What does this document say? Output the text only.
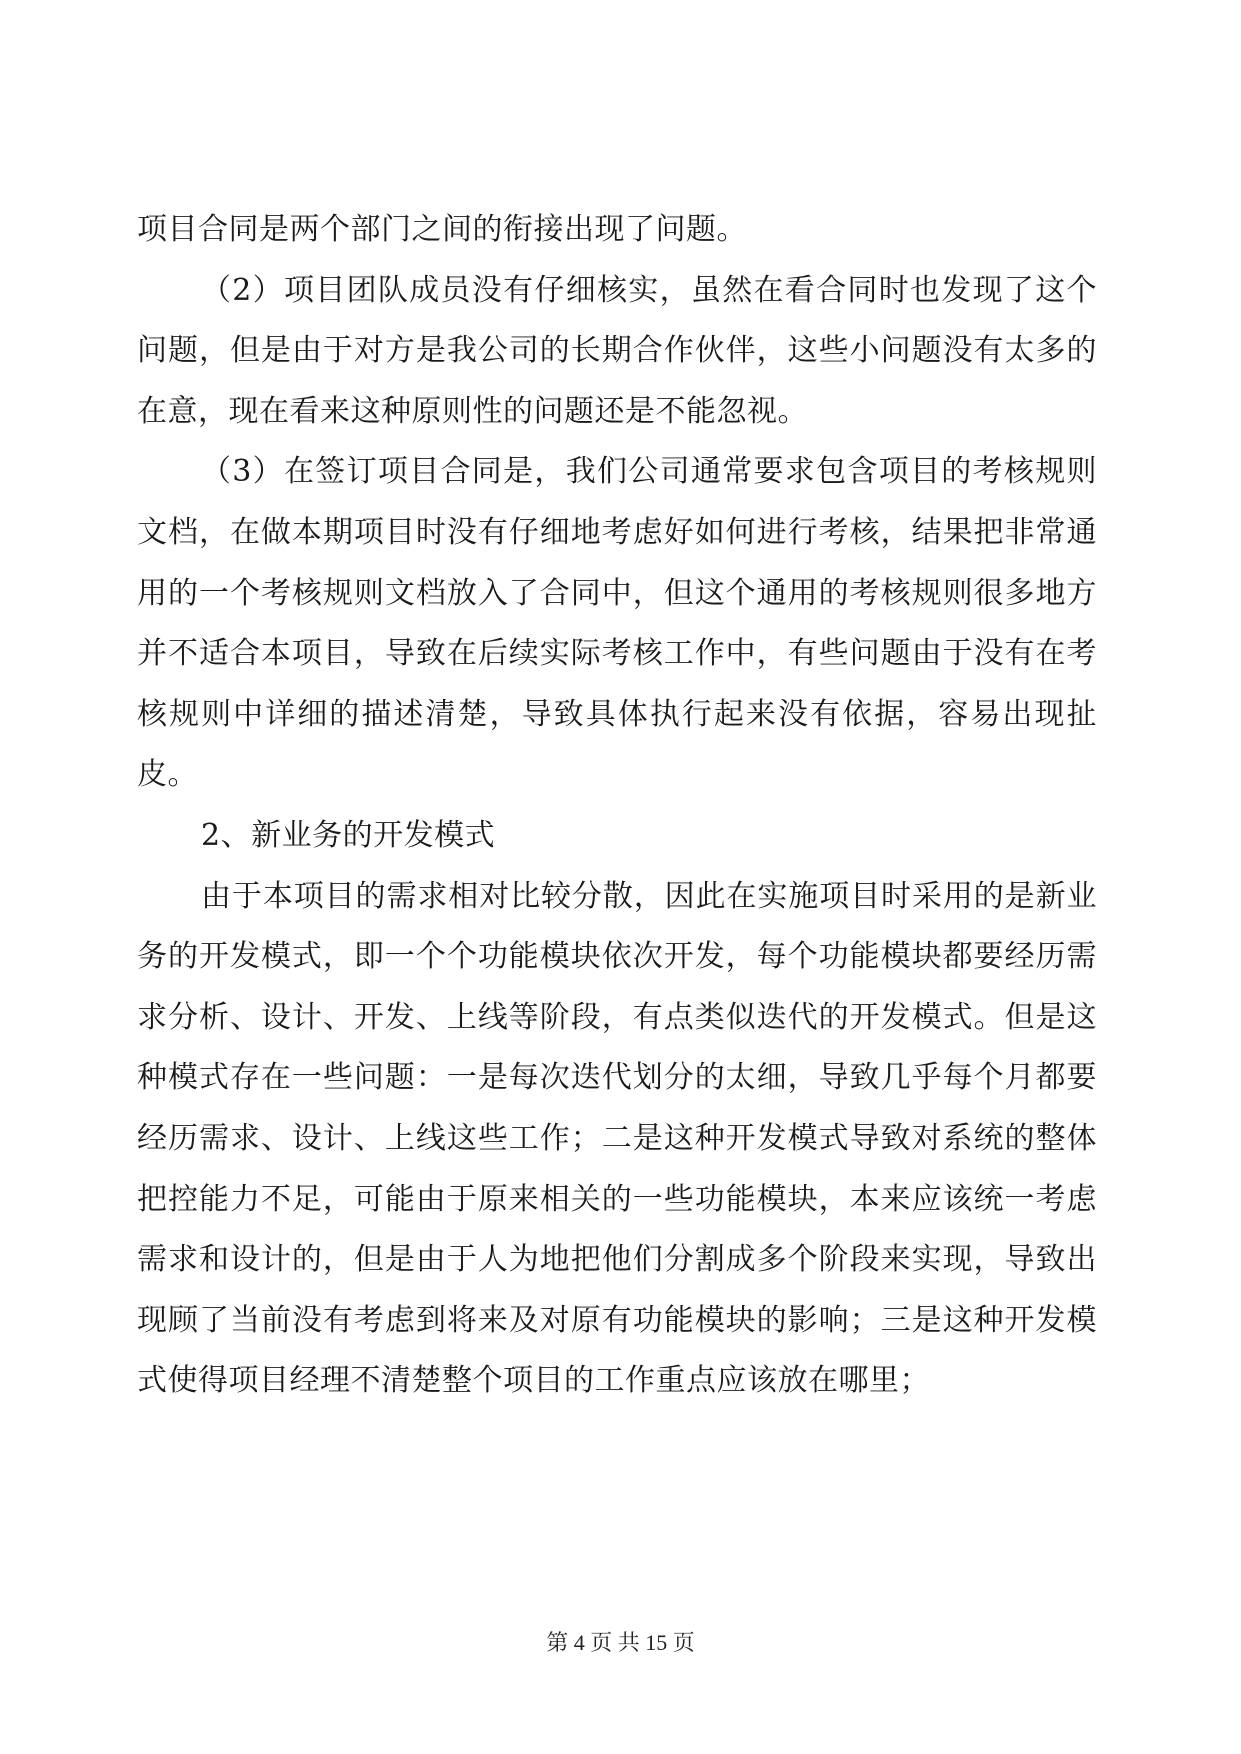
项目合同是两个部门之间的衔接出现了问题。

（2）项目团队成员没有仔细核实，虽然在看合同时也发现了这个问题，但是由于对方是我公司的长期合作伙伴，这些小问题没有太多的在意，现在看来这种原则性的问题还是不能忽视。

（3）在签订项目合同是，我们公司通常要求包含项目的考核规则文档，在做本期项目时没有仔细地考虑好如何进行考核，结果把非常通用的一个考核规则文档放入了合同中，但这个通用的考核规则很多地方并不适合本项目，导致在后续实际考核工作中，有些问题由于没有在考核规则中详细的描述清楚，导致具体执行起来没有依据，容易出现扯皮。

2、新业务的开发模式

由于本项目的需求相对比较分散，因此在实施项目时采用的是新业务的开发模式，即一个个功能模块依次开发，每个功能模块都要经历需求分析、设计、开发、上线等阶段，有点类似迭代的开发模式。但是这种模式存在一些问题：一是每次迭代划分的太细，导致几乎每个月都要经历需求、设计、上线这些工作；二是这种开发模式导致对系统的整体把控能力不足，可能由于原来相关的一些功能模块，本来应该统一考虑需求和设计的，但是由于人为地把他们分割成多个阶段来实现，导致出现顾了当前没有考虑到将来及对原有功能模块的影响；三是这种开发模式使得项目经理不清楚整个项目的工作重点应该放在哪里；

第 4 页 共 15 页
